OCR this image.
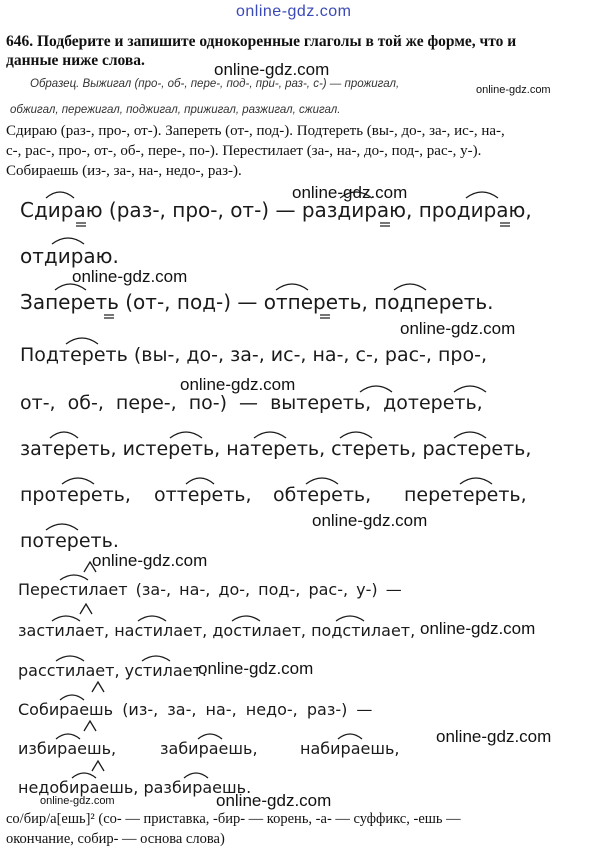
online-gdz.com
646. Подберите и запишите однокоренные глаголы в той же форме, что и
данные ниже слова.
Образец. Выжигал (про-, об-, пере-, под-, при-, раз-, с-) — прожигал,
обжигал, пережигал, поджигал, прижигал, разжигал, сжигал.
Сдираю (раз-, про-, от-). Запереть (от-, под-). Подтереть (вы-, до-, за-, ис-, на-,
с-, рас-, про-, от-, об-, пере-, по-). Перестилает (за-, на-, до-, под-, рас-, у-).
Собираешь (из-, за-, на-, недо-, раз-).
Сдираю (раз-, про-, от-) — раздираю, продираю,
отдираю.
Запереть (от-, под-) — отпереть, подпереть.
Подтереть (вы-, до-, за-, ис-, на-, с-, рас-, про-,
от-, об-, пере-, по-) — вытереть, дотереть,
затереть, истереть, натереть, стереть, растереть,
протереть, оттереть, обтереть, перетереть,
потереть.
Перестилает (за-, на-, до-, под-, рас-, у-) —
застилает, настилает, достилает, подстилает,
расстилает, устилает.
Собираешь (из-, за-, на-, недо-, раз-) —
избираешь,	забираешь,	набираешь,
недобираешь, разбираешь.
со/бир/а[ешь]² (со- — приставка, -бир- — корень, -а- — суффикс, -ешь —
окончание, собир- — основа слова)
online-gdz.com
online-gdz.com
online-gdz.com
online-gdz.com
online-gdz.com
online-gdz.com
online-gdz.com
online-gdz.com
online-gdz.com
online-gdz.com
online-gdz.com
online-gdz.com	online-gdz.com
